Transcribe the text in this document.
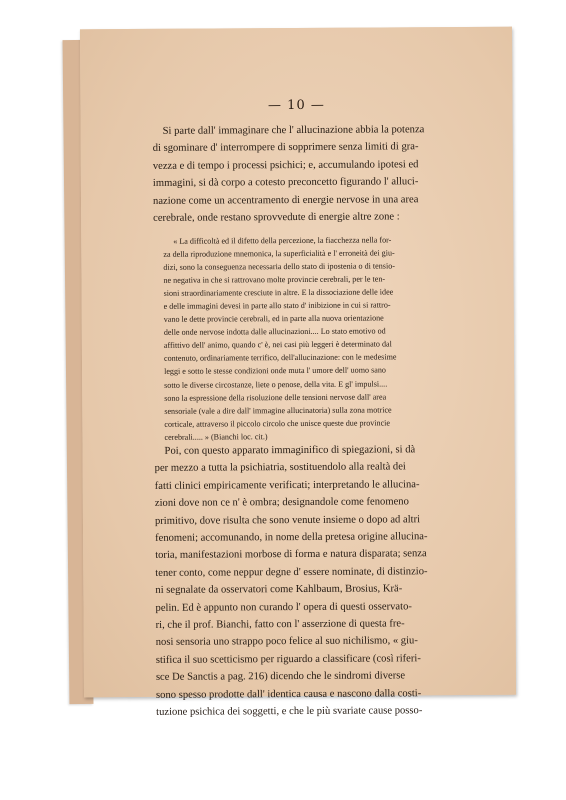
— 10 —
Si parte dall' immaginare che l' allucinazione abbia la potenza
di sgominare d' interrompere di sopprimere senza limiti di gra-
vezza e di tempo i processi psichici; e, accumulando ipotesi ed
immagini, si dà corpo a cotesto preconcetto figurando l' alluci-
nazione come un accentramento di energie nervose in una area
cerebrale, onde restano sprovvedute di energie altre zone :
« La difficoltà ed il difetto della percezione, la fiacchezza nella for-
za della riproduzione mnemonica, la superficialità e l' erroneità dei giu-
dizi, sono la conseguenza necessaria dello stato di ipostenia o di tensio-
ne negativa in che si rattrovano molte provincie cerebrali, per le ten-
sioni straordinariamente cresciute in altre. E la dissociazione delle idee
e delle immagini devesi in parte allo stato d' inibizione in cui si rattro-
vano le dette provincie cerebrali, ed in parte alla nuova orientazione
delle onde nervose indotta dalle allucinazioni.... Lo stato emotivo od
affittivo dell' animo, quando c' è, nei casi più leggeri è determinato dal
contenuto, ordinariamente terrifico, dell'allucinazione: con le medesime
leggi e sotto le stesse condizioni onde muta l' umore dell' uomo sano
sotto le diverse circostanze, liete o penose, della vita. E gl' impulsi....
sono la espressione della risoluzione delle tensioni nervose dall' area
sensoriale (vale a dire dall' immagine allucinatoria) sulla zona motrice
corticale, attraverso il piccolo circolo che unisce queste due provincie
cerebrali..... » (Bianchi loc. cit.)
Poi, con questo apparato immaginifico di spiegazioni, si dà
per mezzo a tutta la psichiatria, sostituendolo alla realtà dei
fatti clinici empiricamente verificati; interpretando le allucina-
zioni dove non ce n' è ombra; designandole come fenomeno
primitivo, dove risulta che sono venute insieme o dopo ad altri
fenomeni; accomunando, in nome della pretesa origine allucina-
toria, manifestazioni morbose di forma e natura disparata; senza
tener conto, come neppur degne d' essere nominate, di distinzio-
ni segnalate da osservatori come Kahlbaum, Brosius, Krä-
pelin. Ed è appunto non curando l' opera di questi osservato-
ri, che il prof. Bianchi, fatto con l' asserzione di questa fre-
nosi sensoria uno strappo poco felice al suo nichilismo, « giu-
stifica il suo scetticismo per riguardo a classificare (così riferi-
sce De Sanctis a pag. 216) dicendo che le sindromi diverse
sono spesso prodotte dall' identica causa e nascono dalla costi-
tuzione psichica dei soggetti, e che le più svariate cause posso-
